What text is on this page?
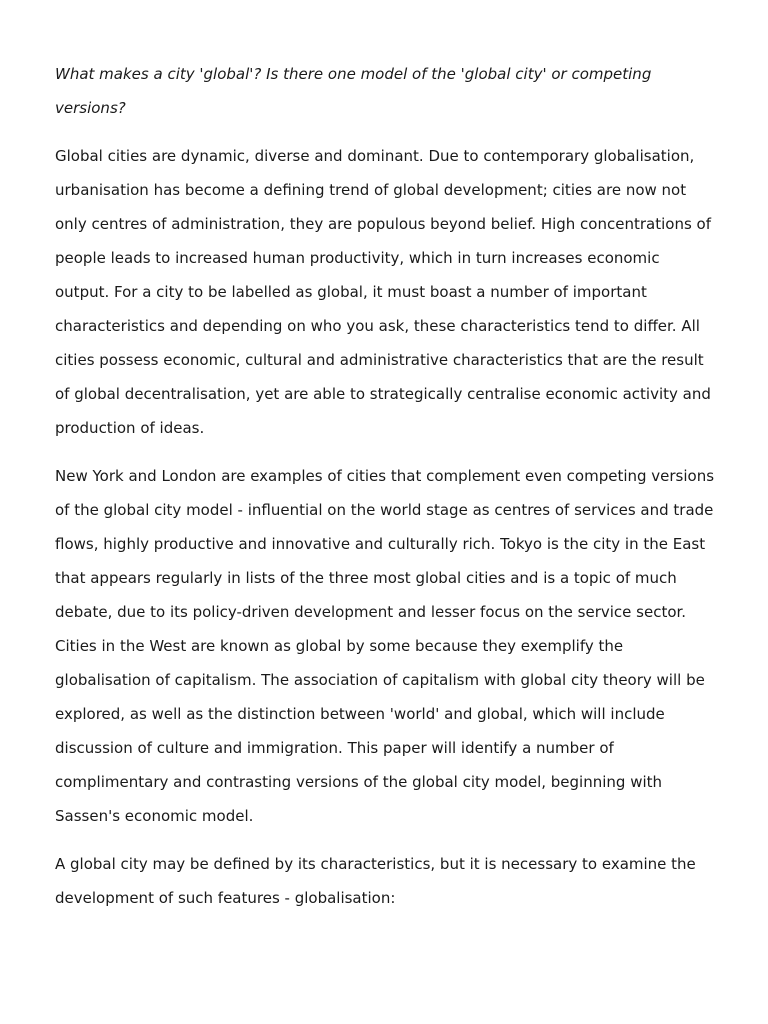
What makes a city 'global'? Is there one model of the 'global city' or competing versions?

Global cities are dynamic, diverse and dominant. Due to contemporary globalisation, urbanisation has become a defining trend of global development; cities are now not only centres of administration, they are populous beyond belief. High concentrations of people leads to increased human productivity, which in turn increases economic output. For a city to be labelled as global, it must boast a number of important characteristics and depending on who you ask, these characteristics tend to differ. All cities possess economic, cultural and administrative characteristics that are the result of global decentralisation, yet are able to strategically centralise economic activity and production of ideas.

New York and London are examples of cities that complement even competing versions of the global city model - influential on the world stage as centres of services and trade flows, highly productive and innovative and culturally rich. Tokyo is the city in the East that appears regularly in lists of the three most global cities and is a topic of much debate, due to its policy-driven development and lesser focus on the service sector. Cities in the West are known as global by some because they exemplify the globalisation of capitalism. The association of capitalism with global city theory will be explored, as well as the distinction between 'world' and global, which will include discussion of culture and immigration. This paper will identify a number of complimentary and contrasting versions of the global city model, beginning with Sassen's economic model.

A global city may be defined by its characteristics, but it is necessary to examine the development of such features - globalisation:
